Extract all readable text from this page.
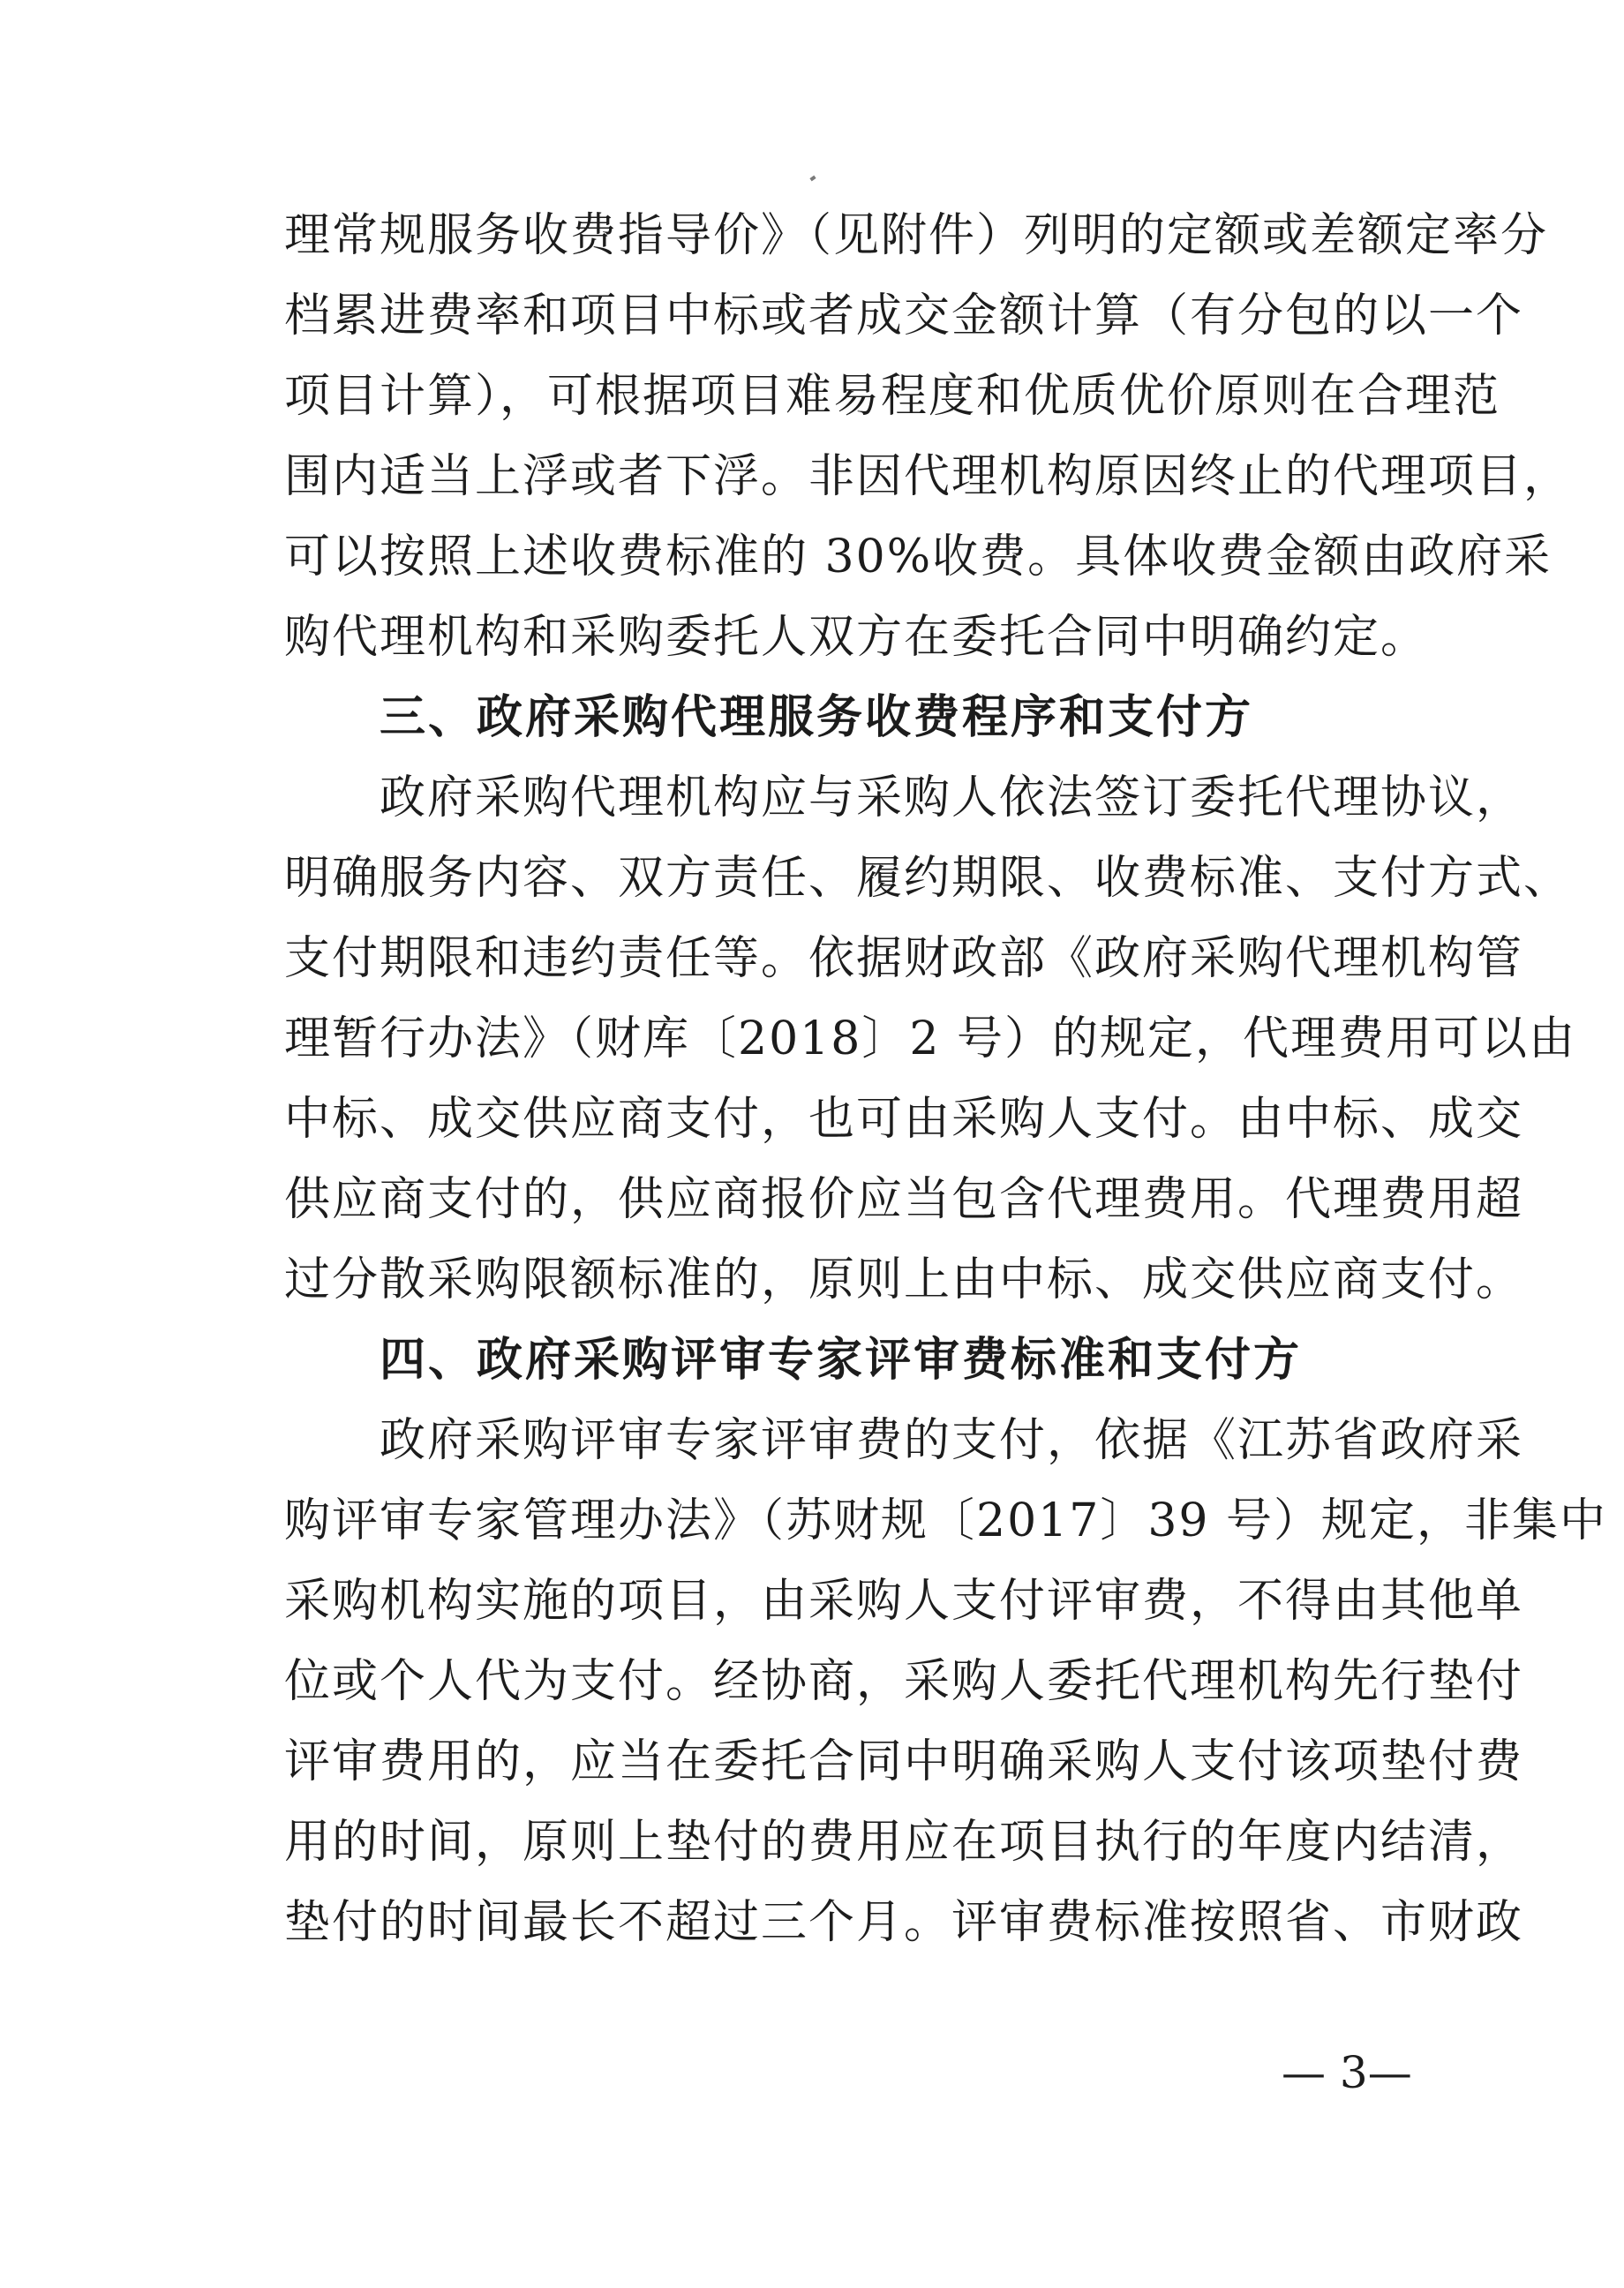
理常规服务收费指导价》（见附件）列明的定额或差额定率分
档累进费率和项目中标或者成交金额计算（有分包的以一个
项目计算），可根据项目难易程度和优质优价原则在合理范
围内适当上浮或者下浮。非因代理机构原因终止的代理项目，
可以按照上述收费标准的 30%收费。具体收费金额由政府采
购代理机构和采购委托人双方在委托合同中明确约定。
三、政府采购代理服务收费程序和支付方
政府采购代理机构应与采购人依法签订委托代理协议，
明确服务内容、双方责任、履约期限、收费标准、支付方式、
支付期限和违约责任等。依据财政部《政府采购代理机构管
理暂行办法》（财库〔2018〕2 号）的规定，代理费用可以由
中标、成交供应商支付，也可由采购人支付。由中标、成交
供应商支付的，供应商报价应当包含代理费用。代理费用超
过分散采购限额标准的，原则上由中标、成交供应商支付。
四、政府采购评审专家评审费标准和支付方
政府采购评审专家评审费的支付，依据《江苏省政府采
购评审专家管理办法》（苏财规〔2017〕39 号）规定，非集中
采购机构实施的项目，由采购人支付评审费，不得由其他单
位或个人代为支付。经协商，采购人委托代理机构先行垫付
评审费用的，应当在委托合同中明确采购人支付该项垫付费
用的时间，原则上垫付的费用应在项目执行的年度内结清，
垫付的时间最长不超过三个月。评审费标准按照省、市财政
— 3—
